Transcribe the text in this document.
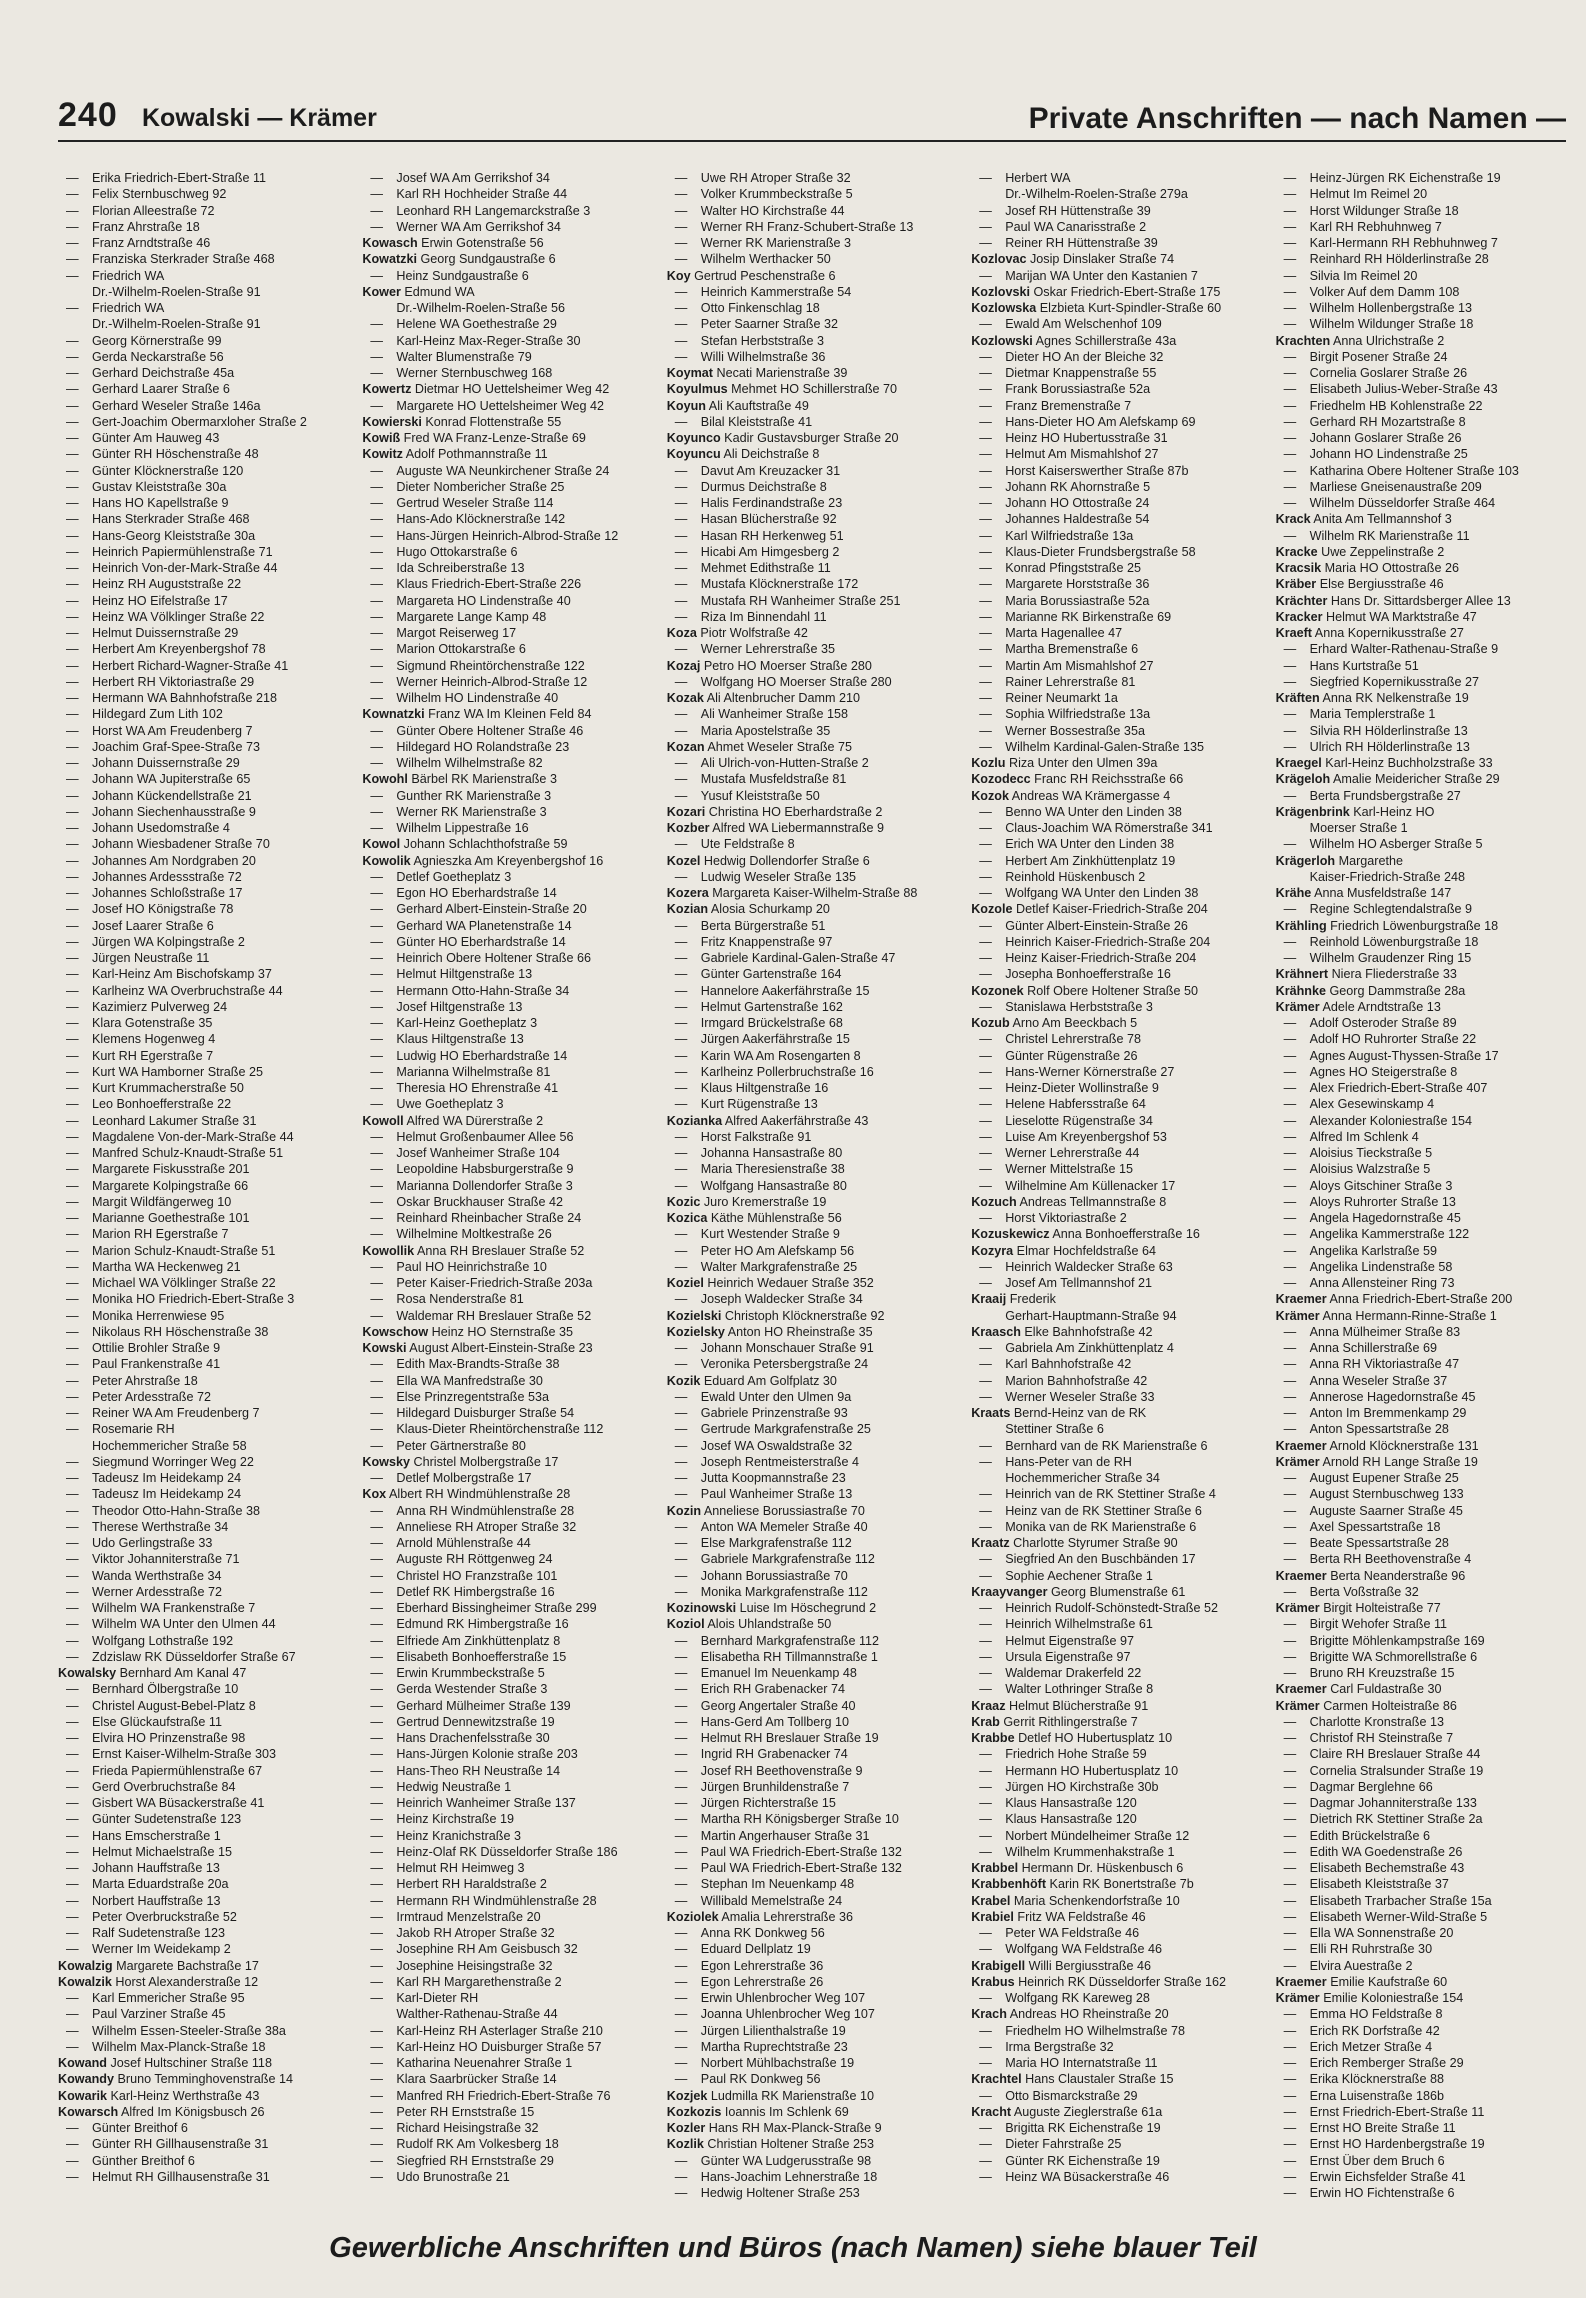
240 Kowalski — Krämer	Private Anschriften — nach Namen —
— Erika Friedrich-Ebert-Straße 11
— Felix Sternbuschweg 92
— Florian Alleestraße 72
— Franz Ahrstraße 18
— Franz Arndtstraße 46
— Franziska Sterkrader Straße 468
— Friedrich WA
Dr.-Wilhelm-Roelen-Straße 91
— Friedrich WA
Dr.-Wilhelm-Roelen-Straße 91
— Georg Körnerstraße 99
— Gerda Neckarstraße 56
— Gerhard Deichstraße 45a
— Gerhard Laarer Straße 6
— Gerhard Weseler Straße 146a
— Gert-Joachim Obermarxloher Straße 2
— Günter Am Hauweg 43
— Günter RH Höschenstraße 48
— Günter Klöcknerstraße 120
— Gustav Kleiststraße 30a
— Hans HO Kapellstraße 9
— Hans Sterkrader Straße 468
— Hans-Georg Kleiststraße 30a
— Heinrich Papiermühlenstraße 71
— Heinrich Von-der-Mark-Straße 44
— Heinz RH Auguststraße 22
— Heinz HO Eifelstraße 17
— Heinz WA Völklinger Straße 22
— Helmut Duissernstraße 29
— Herbert Am Kreyenbergshof 78
— Herbert Richard-Wagner-Straße 41
— Herbert RH Viktoriastraße 29
— Hermann WA Bahnhofstraße 218
— Hildegard Zum Lith 102
— Horst WA Am Freudenberg 7
— Joachim Graf-Spee-Straße 73
— Johann Duissernstraße 29
— Johann WA Jupiterstraße 65
— Johann Kückendellstraße 21
— Johann Siechenhausstraße 9
— Johann Usedomstraße 4
— Johann Wiesbadener Straße 70
— Johannes Am Nordgraben 20
— Johannes Ardessstraße 72
— Johannes Schloßstraße 17
— Josef HO Königstraße 78
— Josef Laarer Straße 6
— Jürgen WA Kolpingstraße 2
— Jürgen Neustraße 11
— Karl-Heinz Am Bischofskamp 37
— Karlheinz WA Overbruchstraße 44
— Kazimierz Pulverweg 24
— Klara Gotenstraße 35
— Klemens Hogenweg 4
— Kurt RH Egerstraße 7
— Kurt WA Hamborner Straße 25
— Kurt Krummacherstraße 50
— Leo Bonhoefferstraße 22
— Leonhard Lakumer Straße 31
— Magdalene Von-der-Mark-Straße 44
— Manfred Schulz-Knaudt-Straße 51
— Margarete Fiskusstraße 201
— Margarete Kolpingstraße 66
— Margit Wildfängerweg 10
— Marianne Goethestraße 101
— Marion RH Egerstraße 7
— Marion Schulz-Knaudt-Straße 51
— Martha WA Heckenweg 21
— Michael WA Völklinger Straße 22
— Monika HO Friedrich-Ebert-Straße 3
— Monika Herrenwiese 95
— Nikolaus RH Höschenstraße 38
— Ottilie Brohler Straße 9
— Paul Frankenstraße 41
— Peter Ahrstraße 18
— Peter Ardesstraße 72
— Reiner WA Am Freudenberg 7
— Rosemarie RH
Hochemmericher Straße 58
— Siegmund Worringer Weg 22
— Tadeusz Im Heidekamp 24
— Tadeusz Im Heidekamp 24
— Theodor Otto-Hahn-Straße 38
— Therese Werthstraße 34
— Udo Gerlingstraße 33
— Viktor Johanniterstraße 71
— Wanda Werthstraße 34
— Werner Ardesstraße 72
— Wilhelm WA Frankenstraße 7
— Wilhelm WA Unter den Ulmen 44
— Wolfgang Lothstraße 192
— Zdzislaw RK Düsseldorfer Straße 67
Kowalsky Bernhard Am Kanal 47
— Bernhard Ölbergstraße 10
— Christel August-Bebel-Platz 8
— Else Glückaufstraße 11
— Elvira HO Prinzenstraße 98
— Ernst Kaiser-Wilhelm-Straße 303
— Frieda Papiermühlenstraße 67
— Gerd Overbruchstraße 84
— Gisbert WA Büsackerstraße 41
— Günter Sudetenstraße 123
— Hans Emscherstraße 1
— Helmut Michaelstraße 15
— Johann Hauffstraße 13
— Marta Eduardstraße 20a
— Norbert Hauffstraße 13
— Peter Overbruckstraße 52
— Ralf Sudetenstraße 123
— Werner Im Weidekamp 2
Kowalzig Margarete Bachstraße 17
Kowalzik Horst Alexanderstraße 12
— Karl Emmericher Straße 95
— Paul Varziner Straße 45
— Wilhelm Essen-Steeler-Straße 38a
— Wilhelm Max-Planck-Straße 18
Kowand Josef Hultschiner Straße 118
Kowandy Bruno Temminghovenstraße 14
Kowarik Karl-Heinz Werthstraße 43
Kowarsch Alfred Im Königsbusch 26
— Günter Breithof 6
— Günter RH Gillhausenstraße 31
— Günther Breithof 6
— Helmut RH Gillhausenstraße 31
— Josef WA Am Gerrikshof 34
— Karl RH Hochheider Straße 44
— Leonhard RH Langemarckstraße 3
— Werner WA Am Gerrikshof 34
Kowasch Erwin Gotenstraße 56
Kowatzki Georg Sundgaustraße 6
— Heinz Sundgaustraße 6
Kower Edmund WA
Dr.-Wilhelm-Roelen-Straße 56
— Helene WA Goethestraße 29
— Karl-Heinz Max-Reger-Straße 30
— Walter Blumenstraße 79
— Werner Sternbuschweg 168
Kowertz Dietmar HO Uettelsheimer Weg 42
— Margarete HO Uettelsheimer Weg 42
Kowierski Konrad Flottenstraße 55
Kowiß Fred WA Franz-Lenze-Straße 69
Kowitz Adolf Pothmannstraße 11
— Auguste WA Neunkirchener Straße 24
— Dieter Nombericher Straße 25
— Gertrud Weseler Straße 114
— Hans-Ado Klöcknerstraße 142
— Hans-Jürgen Heinrich-Albrod-Straße 12
— Hugo Ottokarstraße 6
— Ida Schreiberstraße 13
— Klaus Friedrich-Ebert-Straße 226
— Margareta HO Lindenstraße 40
— Margarete Lange Kamp 48
— Margot Reiserweg 17
— Marion Ottokarstraße 6
— Sigmund Rheintörchenstraße 122
— Werner Heinrich-Albrod-Straße 12
— Wilhelm HO Lindenstraße 40
Kownatzki Franz WA Im Kleinen Feld 84
— Günter Obere Holtener Straße 46
— Hildegard HO Rolandstraße 23
— Wilhelm Wilhelmstraße 82
Kowohl Bärbel RK Marienstraße 3
— Gunther RK Marienstraße 3
— Werner RK Marienstraße 3
— Wilhelm Lippestraße 16
Kowol Johann Schlachthofstraße 59
Kowolik Agnieszka Am Kreyenbergshof 16
— Detlef Goetheplatz 3
— Egon HO Eberhardstraße 14
— Gerhard Albert-Einstein-Straße 20
— Gerhard WA Planetenstraße 14
— Günter HO Eberhardstraße 14
— Heinrich Obere Holtener Straße 66
— Helmut Hiltgenstraße 13
— Hermann Otto-Hahn-Straße 34
— Josef Hiltgenstraße 13
— Karl-Heinz Goetheplatz 3
— Klaus Hiltgenstraße 13
— Ludwig HO Eberhardstraße 14
— Marianna Wilhelmstraße 81
— Theresia HO Ehrenstraße 41
— Uwe Goetheplatz 3
Kowoll Alfred WA Dürerstraße 2
— Helmut Großenbaumer Allee 56
— Josef Wanheimer Straße 104
— Leopoldine Habsburgerstraße 9
— Marianna Dollendorfer Straße 3
— Oskar Bruckhauser Straße 42
— Reinhard Rheinbacher Straße 24
— Wilhelmine Moltkestraße 26
Kowollik Anna RH Breslauer Straße 52
— Paul HO Heinrichstraße 10
— Peter Kaiser-Friedrich-Straße 203a
— Rosa Nenderstraße 81
— Waldemar RH Breslauer Straße 52
Kowschow Heinz HO Sternstraße 35
Kowski August Albert-Einstein-Straße 23
— Edith Max-Brandts-Straße 38
— Ella WA Manfredstraße 30
— Else Prinzregentstraße 53a
— Hildegard Duisburger Straße 54
— Klaus-Dieter Rheintörchenstraße 112
— Peter Gärtnerstraße 80
Kowsky Christel Molbergstraße 17
— Detlef Molbergstraße 17
Kox Albert RH Windmühlenstraße 28
— Anna RH Windmühlenstraße 28
— Anneliese RH Atroper Straße 32
— Arnold Mühlenstraße 44
— Auguste RH Röttgenweg 24
— Christel HO Franzstraße 101
— Detlef RK Himbergstraße 16
— Eberhard Bissingheimer Straße 299
— Edmund RK Himbergstraße 16
— Elfriede Am Zinkhüttenplatz 8
— Elisabeth Bonhoefferstraße 15
— Erwin Krummbeckstraße 5
— Gerda Westender Straße 3
— Gerhard Mülheimer Straße 139
— Gertrud Dennewitzstraße 19
— Hans Drachenfelsstraße 30
— Hans-Jürgen Kolonie straße 203
— Hans-Theo RH Neustraße 14
— Hedwig Neustraße 1
— Heinrich Wanheimer Straße 137
— Heinz Kirchstraße 19
— Heinz Kranichstraße 3
— Heinz-Olaf RK Düsseldorfer Straße 186
— Helmut RH Heimweg 3
— Herbert RH Haraldstraße 2
— Hermann RH Windmühlenstraße 28
— Irmtraud Menzelstraße 20
— Jakob RH Atroper Straße 32
— Josephine RH Am Geisbusch 32
— Josephine Heisingstraße 32
— Karl RH Margarethenstraße 2
— Karl-Dieter RH
Walther-Rathenau-Straße 44
— Karl-Heinz RH Asterlager Straße 210
— Karl-Heinz HO Duisburger Straße 57
— Katharina Neuenahrer Straße 1
— Klara Saarbrücker Straße 14
— Manfred RH Friedrich-Ebert-Straße 76
— Peter RH Ernststraße 15
— Richard Heisingstraße 32
— Rudolf RK Am Volkesberg 18
— Siegfried RH Ernststraße 29
— Udo Brunostraße 21
— Uwe RH Atroper Straße 32
— Volker Krummbeckstraße 5
— Walter HO Kirchstraße 44
— Werner RH Franz-Schubert-Straße 13
— Werner RK Marienstraße 3
— Wilhelm Werthacker 50
Koy Gertrud Peschenstraße 6
— Heinrich Kammerstraße 54
— Otto Finkenschlag 18
— Peter Saarner Straße 32
— Stefan Herbststraße 3
— Willi Wilhelmstraße 36
Koymat Necati Marienstraße 39
Koyulmus Mehmet HO Schillerstraße 70
Koyun Ali Kauftstraße 49
— Bilal Kleiststraße 41
Koyunco Kadir Gustavsburger Straße 20
Koyuncu Ali Deichstraße 8
— Davut Am Kreuzacker 31
— Durmus Deichstraße 8
— Halis Ferdinandstraße 23
— Hasan Blücherstraße 92
— Hasan RH Herkenweg 51
— Hicabi Am Himgesberg 2
— Mehmet Edithstraße 11
— Mustafa Klöcknerstraße 172
— Mustafa RH Wanheimer Straße 251
— Riza Im Binnendahl 11
Koza Piotr Wolfstraße 42
— Werner Lehrerstraße 35
Kozaj Petro HO Moerser Straße 280
— Wolfgang HO Moerser Straße 280
Kozak Ali Altenbrucher Damm 210
— Ali Wanheimer Straße 158
— Maria Apostelstraße 35
Kozan Ahmet Weseler Straße 75
— Ali Ulrich-von-Hutten-Straße 2
— Mustafa Musfeldstraße 81
— Yusuf Kleiststraße 50
Kozari Christina HO Eberhardstraße 2
Kozber Alfred WA Liebermannstraße 9
— Ute Feldstraße 8
Kozel Hedwig Dollendorfer Straße 6
— Ludwig Weseler Straße 135
Kozera Margareta Kaiser-Wilhelm-Straße 88
Kozian Alosia Schurkamp 20
— Berta Bürgerstraße 51
— Fritz Knappenstraße 97
— Gabriele Kardinal-Galen-Straße 47
— Günter Gartenstraße 164
— Hannelore Aakerfährstraße 15
— Helmut Gartenstraße 162
— Irmgard Brückelstraße 68
— Jürgen Aakerfährstraße 15
— Karin WA Am Rosengarten 8
— Karlheinz Pollerbruchstraße 16
— Klaus Hiltgenstraße 16
— Kurt Rügenstraße 13
Kozianka Alfred Aakerfährstraße 43
— Horst Falkstraße 91
— Johanna Hansastraße 80
— Maria Theresienstraße 38
— Wolfgang Hansastraße 80
Kozic Juro Kremerstraße 19
Kozica Käthe Mühlenstraße 56
— Kurt Westender Straße 9
— Peter HO Am Alefskamp 56
— Walter Markgrafenstraße 25
Koziel Heinrich Wedauer Straße 352
— Joseph Waldecker Straße 34
Kozielski Christoph Klöcknerstraße 92
Kozielsky Anton HO Rheinstraße 35
— Johann Monschauer Straße 91
— Veronika Petersbergstraße 24
Kozik Eduard Am Golfplatz 30
— Ewald Unter den Ulmen 9a
— Gabriele Prinzenstraße 93
— Gertrude Markgrafenstraße 25
— Josef WA Oswaldstraße 32
— Joseph Rentmeisterstraße 4
— Jutta Koopmannstraße 23
— Paul Wanheimer Straße 13
Kozin Anneliese Borussiastraße 70
— Anton WA Memeler Straße 40
— Else Markgrafenstraße 112
— Gabriele Markgrafenstraße 112
— Johann Borussiastraße 70
— Monika Markgrafenstraße 112
Kozinowski Luise Im Höschegrund 2
Koziol Alois Uhlandstraße 50
— Bernhard Markgrafenstraße 112
— Elisabetha RH Tillmannstraße 1
— Emanuel Im Neuenkamp 48
— Erich RH Grabenacker 74
— Georg Angertaler Straße 40
— Hans-Gerd Am Tollberg 10
— Helmut RH Breslauer Straße 19
— Ingrid RH Grabenacker 74
— Josef RH Beethovenstraße 9
— Jürgen Brunhildenstraße 7
— Jürgen Richterstraße 15
— Martha RH Königsberger Straße 10
— Martin Angerhauser Straße 31
— Paul WA Friedrich-Ebert-Straße 132
— Paul WA Friedrich-Ebert-Straße 132
— Stephan Im Neuenkamp 48
— Willibald Memelstraße 24
Koziolek Amalia Lehrerstraße 36
— Anna RK Donkweg 56
— Eduard Dellplatz 19
— Egon Lehrerstraße 36
— Egon Lehrerstraße 26
— Erwin Uhlenbrocher Weg 107
— Joanna Uhlenbrocher Weg 107
— Jürgen Lilienthalstraße 19
— Martha Ruprechtstraße 23
— Norbert Mühlbachstraße 19
— Paul RK Donkweg 56
Kozjek Ludmilla RK Marienstraße 10
Kozkozis Ioannis Im Schlenk 69
Kozler Hans RH Max-Planck-Straße 9
Kozlik Christian Holtener Straße 253
— Günter WA Ludgerusstraße 98
— Hans-Joachim Lehnerstraße 18
— Hedwig Holtener Straße 253
— Herbert WA
Dr.-Wilhelm-Roelen-Straße 279a
— Josef RH Hüttenstraße 39
— Paul WA Canarisstraße 2
— Reiner RH Hüttenstraße 39
Kozlovac Josip Dinslaker Straße 74
— Marijan WA Unter den Kastanien 7
Kozlovski Oskar Friedrich-Ebert-Straße 175
Kozlowska Elzbieta Kurt-Spindler-Straße 60
— Ewald Am Welschenhof 109
Kozlowski Agnes Schillerstraße 43a
— Dieter HO An der Bleiche 32
— Dietmar Knappenstraße 55
— Frank Borussiastraße 52a
— Franz Bremenstraße 7
— Hans-Dieter HO Am Alefskamp 69
— Heinz HO Hubertusstraße 31
— Helmut Am Mismahlshof 27
— Horst Kaiserswerther Straße 87b
— Johann RK Ahornstraße 5
— Johann HO Ottostraße 24
— Johannes Haldestraße 54
— Karl Wilfriedstraße 13a
— Klaus-Dieter Frundsbergstraße 58
— Konrad Pfingststraße 25
— Margarete Horststraße 36
— Maria Borussiastraße 52a
— Marianne RK Birkenstraße 69
— Marta Hagenallee 47
— Martha Bremenstraße 6
— Martin Am Mismahlshof 27
— Rainer Lehrerstraße 81
— Reiner Neumarkt 1a
— Sophia Wilfriedstraße 13a
— Werner Bossestraße 35a
— Wilhelm Kardinal-Galen-Straße 135
Kozlu Riza Unter den Ulmen 39a
Kozodecc Franc RH Reichsstraße 66
Kozok Andreas WA Krämergasse 4
— Benno WA Unter den Linden 38
— Claus-Joachim WA Römerstraße 341
— Erich WA Unter den Linden 38
— Herbert Am Zinkhüttenplatz 19
— Reinhold Hüskenbusch 2
— Wolfgang WA Unter den Linden 38
Kozole Detlef Kaiser-Friedrich-Straße 204
— Günter Albert-Einstein-Straße 26
— Heinrich Kaiser-Friedrich-Straße 204
— Heinz Kaiser-Friedrich-Straße 204
— Josepha Bonhoefferstraße 16
Kozonek Rolf Obere Holtener Straße 50
— Stanislawa Herbststraße 3
Kozub Arno Am Beeckbach 5
— Christel Lehrerstraße 78
— Günter Rügenstraße 26
— Hans-Werner Körnerstraße 27
— Heinz-Dieter Wollinstraße 9
— Helene Habfersstraße 64
— Lieselotte Rügenstraße 34
— Luise Am Kreyenbergshof 53
— Werner Lehrerstraße 44
— Werner Mittelstraße 15
— Wilhelmine Am Küllenacker 17
Kozuch Andreas Tellmannstraße 8
— Horst Viktoriastraße 2
Kozuskewicz Anna Bonhoefferstraße 16
Kozyra Elmar Hochfeldstraße 64
— Heinrich Waldecker Straße 63
— Josef Am Tellmannshof 21
Kraaij Frederik
Gerhart-Hauptmann-Straße 94
Kraasch Elke Bahnhofstraße 42
— Gabriela Am Zinkhüttenplatz 4
— Karl Bahnhofstraße 42
— Marion Bahnhofstraße 42
— Werner Weseler Straße 33
Kraats Bernd-Heinz van de RK
Stettiner Straße 6
— Bernhard van de RK Marienstraße 6
— Hans-Peter van de RH
Hochemmericher Straße 34
— Heinrich van de RK Stettiner Straße 4
— Heinz van de RK Stettiner Straße 6
— Monika van de RK Marienstraße 6
Kraatz Charlotte Styrumer Straße 90
— Siegfried An den Buschbänden 17
— Sophie Aechener Straße 1
Kraayvanger Georg Blumenstraße 61
— Heinrich Rudolf-Schönstedt-Straße 52
— Heinrich Wilhelmstraße 61
— Helmut Eigenstraße 97
— Ursula Eigenstraße 97
— Waldemar Drakerfeld 22
— Walter Lothringer Straße 8
Kraaz Helmut Blücherstraße 91
Krab Gerrit Rithlingerstraße 7
Krabbe Detlef HO Hubertusplatz 10
— Friedrich Hohe Straße 59
— Hermann HO Hubertusplatz 10
— Jürgen HO Kirchstraße 30b
— Klaus Hansastraße 120
— Klaus Hansastraße 120
— Norbert Mündelheimer Straße 12
— Wilhelm Krummenhakstraße 1
Krabbel Hermann Dr. Hüskenbusch 6
Krabbenhöft Karin RK Bonertstraße 7b
Krabel Maria Schenkendorfstraße 10
Krabiel Fritz WA Feldstraße 46
— Peter WA Feldstraße 46
— Wolfgang WA Feldstraße 46
Krabigell Willi Bergiusstraße 46
Krabus Heinrich RK Düsseldorfer Straße 162
— Wolfgang RK Kareweg 28
Krach Andreas HO Rheinstraße 20
— Friedhelm HO Wilhelmstraße 78
— Irma Bergstraße 32
— Maria HO Internatstraße 11
Krachtel Hans Claustaler Straße 15
— Otto Bismarckstraße 29
Kracht Auguste Zieglerstraße 61a
— Brigitta RK Eichenstraße 19
— Dieter Fahrstraße 25
— Günter RK Eichenstraße 19
— Heinz WA Büsackerstraße 46
— Heinz-Jürgen RK Eichenstraße 19
— Helmut Im Reimel 20
— Horst Wildunger Straße 18
— Karl RH Rebhuhnweg 7
— Karl-Hermann RH Rebhuhnweg 7
— Reinhard RH Hölderlinstraße 28
— Silvia Im Reimel 20
— Volker Auf dem Damm 108
— Wilhelm Hollenbergstraße 13
— Wilhelm Wildunger Straße 18
Krachten Anna Ulrichstraße 2
— Birgit Posener Straße 24
— Cornelia Goslarer Straße 26
— Elisabeth Julius-Weber-Straße 43
— Friedhelm HB Kohlenstraße 22
— Gerhard RH Mozartstraße 8
— Johann Goslarer Straße 26
— Johann HO Lindenstraße 25
— Katharina Obere Holtener Straße 103
— Marliese Gneisenaustraße 209
— Wilhelm Düsseldorfer Straße 464
Krack Anita Am Tellmannshof 3
— Wilhelm RK Marienstraße 11
Kracke Uwe Zeppelinstraße 2
Kracsik Maria HO Ottostraße 26
Kräber Else Bergiusstraße 46
Krächter Hans Dr. Sittardsberger Allee 13
Kracker Helmut WA Marktstraße 47
Kraeft Anna Kopernikusstraße 27
— Erhard Walter-Rathenau-Straße 9
— Hans Kurtstraße 51
— Siegfried Kopernikusstraße 27
Kräften Anna RK Nelkenstraße 19
— Maria Templerstraße 1
— Silvia RH Hölderlinstraße 13
— Ulrich RH Hölderlinstraße 13
Kraegel Karl-Heinz Buchholzstraße 33
Krägeloh Amalie Meidericher Straße 29
— Berta Frundsbergstraße 27
Krägenbrink Karl-Heinz HO
Moerser Straße 1
— Wilhelm HO Asberger Straße 5
Krägerloh Margarethe
Kaiser-Friedrich-Straße 248
Krähe Anna Musfeldstraße 147
— Regine Schlegtendalstraße 9
Krähling Friedrich Löwenburgstraße 18
— Reinhold Löwenburgstraße 18
— Wilhelm Graudenzer Ring 15
Krähnert Niera Fliederstraße 33
Krähnke Georg Dammstraße 28a
Krämer Adele Arndtstraße 13
— Adolf Osteroder Straße 89
— Adolf HO Ruhrorter Straße 22
— Agnes August-Thyssen-Straße 17
— Agnes HO Steigerstraße 8
— Alex Friedrich-Ebert-Straße 407
— Alex Gesewinskamp 4
— Alexander Koloniestraße 154
— Alfred Im Schlenk 4
— Aloisius Tieckstraße 5
— Aloisius Walzstraße 5
— Aloys Gitschiner Straße 3
— Aloys Ruhrorter Straße 13
— Angela Hagedornstraße 45
— Angelika Kammerstraße 122
— Angelika Karlstraße 59
— Angelika Lindenstraße 58
— Anna Allensteiner Ring 73
Kraemer Anna Friedrich-Ebert-Straße 200
Krämer Anna Hermann-Rinne-Straße 1
— Anna Mülheimer Straße 83
— Anna Schillerstraße 69
— Anna RH Viktoriastraße 47
— Anna Weseler Straße 37
— Annerose Hagedornstraße 45
— Anton Im Bremmenkamp 29
— Anton Spessartstraße 28
Kraemer Arnold Klöcknerstraße 131
Krämer Arnold RH Lange Straße 19
— August Eupener Straße 25
— August Sternbuschweg 133
— Auguste Saarner Straße 45
— Axel Spessartstraße 18
— Beate Spessartstraße 28
— Berta RH Beethovenstraße 4
Kraemer Berta Neanderstraße 96
— Berta Voßstraße 32
Krämer Birgit Holteistraße 77
— Birgit Wehofer Straße 11
— Brigitte Möhlenkampstraße 169
— Brigitte WA Schmorellstraße 6
— Bruno RH Kreuzstraße 15
Kraemer Carl Fuldastraße 30
Krämer Carmen Holteistraße 86
— Charlotte Kronstraße 13
— Christof RH Steinstraße 7
— Claire RH Breslauer Straße 44
— Cornelia Stralsunder Straße 19
— Dagmar Berglehne 66
— Dagmar Johanniterstraße 133
— Dietrich RK Stettiner Straße 2a
— Edith Brückelstraße 6
— Edith WA Goedenstraße 26
— Elisabeth Bechemstraße 43
— Elisabeth Kleiststraße 37
— Elisabeth Trarbacher Straße 15a
— Elisabeth Werner-Wild-Straße 5
— Ella WA Sonnenstraße 20
— Elli RH Ruhrstraße 30
— Elvira Auestraße 2
Kraemer Emilie Kaufstraße 60
Krämer Emilie Koloniestraße 154
— Emma HO Feldstraße 8
— Erich RK Dorfstraße 42
— Erich Metzer Straße 4
— Erich Remberger Straße 29
— Erika Klöcknerstraße 88
— Erna Luisenstraße 186b
— Ernst Friedrich-Ebert-Straße 11
— Ernst HO Breite Straße 11
— Ernst HO Hardenbergstraße 19
— Ernst Über dem Bruch 6
— Erwin Eichsfelder Straße 41
— Erwin HO Fichtenstraße 6
Gewerbliche Anschriften und Büros (nach Namen) siehe blauer Teil
